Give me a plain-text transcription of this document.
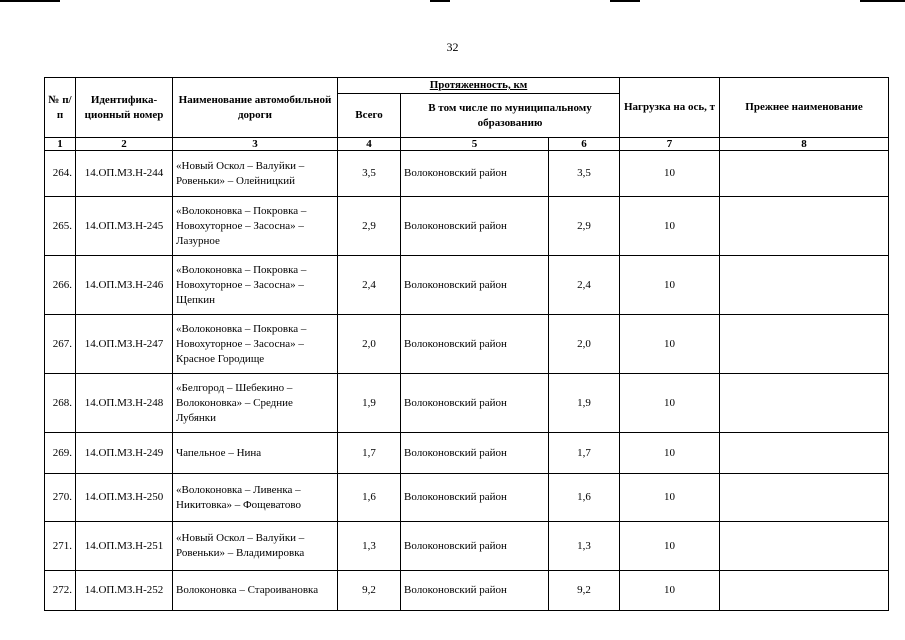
32
№ п/п	Идентифика-ционный номер	Наименование автомобильной дороги	Протяженность, км			Нагрузка на ось, т	Прежнее наименование
			Всего	В том числе по муниципальному образованию			
1	2	3	4	5	6	7	8
264.	14.ОП.МЗ.Н-244	«Новый Оскол – Валуйки – Ровеньки» – Олейницкий	3,5	Волоконовский район	3,5	10	
265.	14.ОП.МЗ.Н-245	«Волоконовка – Покровка – Новохуторное – Засосна» – Лазурное	2,9	Волоконовский район	2,9	10	
266.	14.ОП.МЗ.Н-246	«Волоконовка – Покровка – Новохуторное – Засосна» – Щепкин	2,4	Волоконовский район	2,4	10	
267.	14.ОП.МЗ.Н-247	«Волоконовка – Покровка – Новохуторное – Засосна» – Красное Городище	2,0	Волоконовский район	2,0	10	
268.	14.ОП.МЗ.Н-248	«Белгород – Шебекино – Волоконовка» – Средние Лубянки	1,9	Волоконовский район	1,9	10	
269.	14.ОП.МЗ.Н-249	Чапельное – Нина	1,7	Волоконовский район	1,7	10	
270.	14.ОП.МЗ.Н-250	«Волоконовка – Ливенка – Никитовка» – Фощеватово	1,6	Волоконовский район	1,6	10	
271.	14.ОП.МЗ.Н-251	«Новый Оскол – Валуйки – Ровеньки» – Владимировка	1,3	Волоконовский район	1,3	10	
272.	14.ОП.МЗ.Н-252	Волоконовка – Староивановка	9,2	Волоконовский район	9,2	10	
